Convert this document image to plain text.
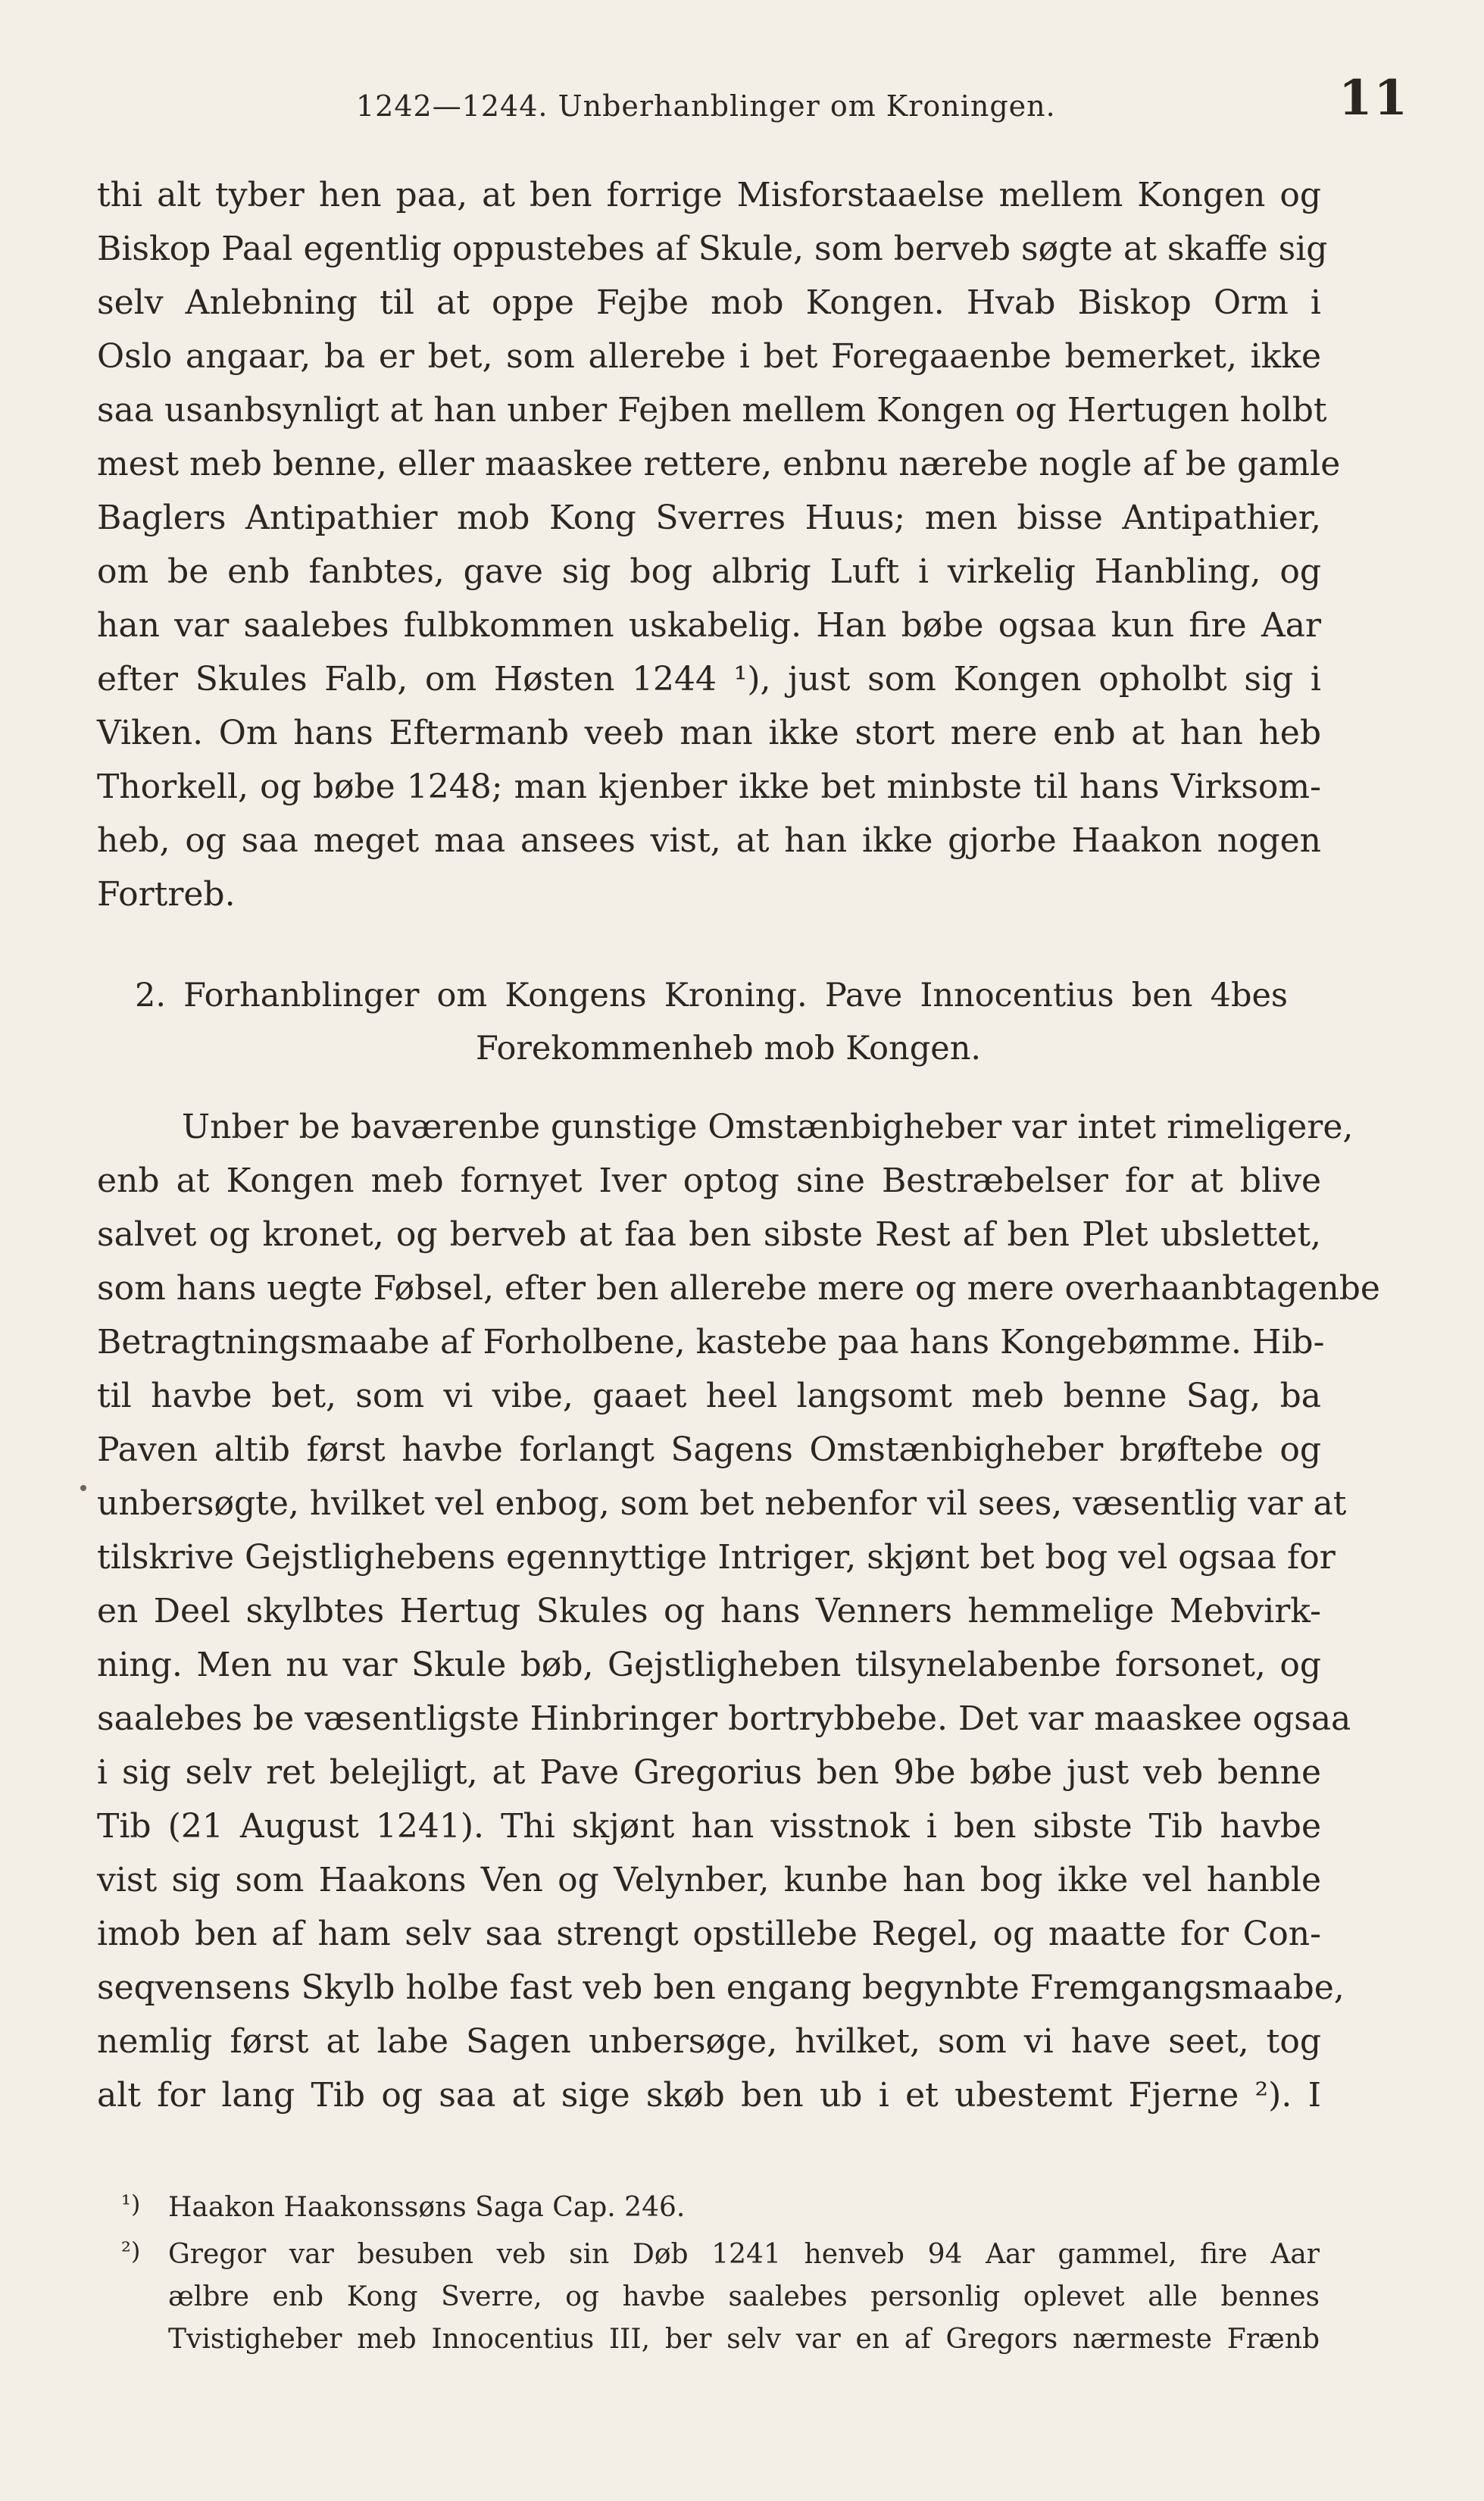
1242—1244. Unberhanblinger om Kroningen.	11
thi alt tyber hen paa, at ben forrige Misforstaaelse mellem Kongen og
Biskop Paal egentlig oppustebes af Skule, som berveb søgte at skaffe sig
selv Anlebning til at oppe Fejbe mob Kongen. Hvab Biskop Orm i
Oslo angaar, ba er bet, som allerebe i bet Foregaaenbe bemerket, ikke
saa usanbsynligt at han unber Fejben mellem Kongen og Hertugen holbt
mest meb benne, eller maaskee rettere, enbnu nærebe nogle af be gamle
Baglers Antipathier mob Kong Sverres Huus; men bisse Antipathier,
om be enb fanbtes, gave sig bog albrig Luft i virkelig Hanbling, og
han var saalebes fulbkommen uskabelig. Han bøbe ogsaa kun fire Aar
efter Skules Falb, om Høsten 1244 ¹), just som Kongen opholbt sig i
Viken. Om hans Eftermanb veeb man ikke stort mere enb at han heb
Thorkell, og bøbe 1248; man kjenber ikke bet minbste til hans Virksom-
heb, og saa meget maa ansees vist, at han ikke gjorbe Haakon nogen
Fortreb.
2. Forhanblinger om Kongens Kroning. Pave Innocentius ben 4bes
Forekommenheb mob Kongen.
Unber be baværenbe gunstige Omstænbigheber var intet rimeligere,
enb at Kongen meb fornyet Iver optog sine Bestræbelser for at blive
salvet og kronet, og berveb at faa ben sibste Rest af ben Plet ubslettet,
som hans uegte Føbsel, efter ben allerebe mere og mere overhaanbtagenbe
Betragtningsmaabe af Forholbene, kastebe paa hans Kongebømme. Hib-
til havbe bet, som vi vibe, gaaet heel langsomt meb benne Sag, ba
Paven altib først havbe forlangt Sagens Omstænbigheber brøftebe og
unbersøgte, hvilket vel enbog, som bet nebenfor vil sees, væsentlig var at
tilskrive Gejstlighebens egennyttige Intriger, skjønt bet bog vel ogsaa for
en Deel skylbtes Hertug Skules og hans Venners hemmelige Mebvirk-
ning. Men nu var Skule bøb, Gejstligheben tilsynelabenbe forsonet, og
saalebes be væsentligste Hinbringer bortrybbebe. Det var maaskee ogsaa
i sig selv ret belejligt, at Pave Gregorius ben 9be bøbe just veb benne
Tib (21 August 1241). Thi skjønt han visstnok i ben sibste Tib havbe
vist sig som Haakons Ven og Velynber, kunbe han bog ikke vel hanble
imob ben af ham selv saa strengt opstillebe Regel, og maatte for Con-
seqvensens Skylb holbe fast veb ben engang begynbte Fremgangsmaabe,
nemlig først at labe Sagen unbersøge, hvilket, som vi have seet, tog
alt for lang Tib og saa at sige skøb ben ub i et ubestemt Fjerne ²). I
¹) Haakon Haakonssøns Saga Cap. 246.
²) Gregor var besuben veb sin Døb 1241 henveb 94 Aar gammel, fire Aar
ælbre enb Kong Sverre, og havbe saalebes personlig oplevet alle bennes
Tvistigheber meb Innocentius III, ber selv var en af Gregors nærmeste Frænb
